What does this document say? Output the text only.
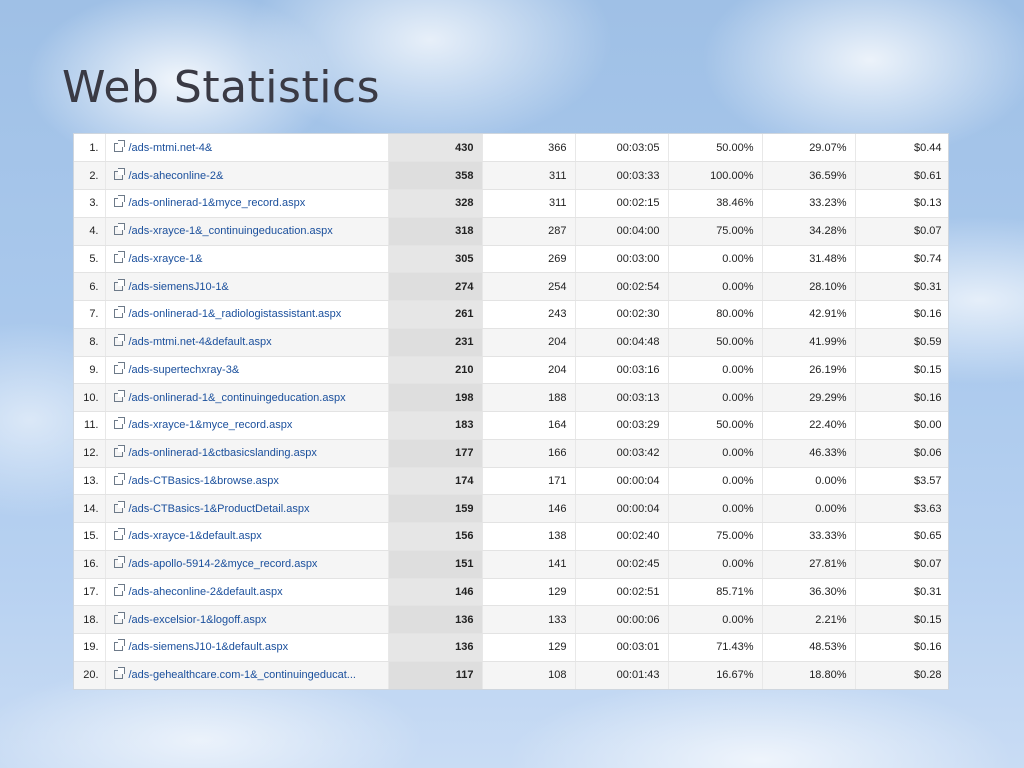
Web Statistics
1.	/ads-mtmi.net-4&	430	366	00:03:05	50.00%	29.07%	$0.44
2.	/ads-aheconline-2&	358	311	00:03:33	100.00%	36.59%	$0.61
3.	/ads-onlinerad-1&myce_record.aspx	328	311	00:02:15	38.46%	33.23%	$0.13
4.	/ads-xrayce-1&_continuingeducation.aspx	318	287	00:04:00	75.00%	34.28%	$0.07
5.	/ads-xrayce-1&	305	269	00:03:00	0.00%	31.48%	$0.74
6.	/ads-siemensJ10-1&	274	254	00:02:54	0.00%	28.10%	$0.31
7.	/ads-onlinerad-1&_radiologistassistant.aspx	261	243	00:02:30	80.00%	42.91%	$0.16
8.	/ads-mtmi.net-4&default.aspx	231	204	00:04:48	50.00%	41.99%	$0.59
9.	/ads-supertechxray-3&	210	204	00:03:16	0.00%	26.19%	$0.15
10.	/ads-onlinerad-1&_continuingeducation.aspx	198	188	00:03:13	0.00%	29.29%	$0.16
11.	/ads-xrayce-1&myce_record.aspx	183	164	00:03:29	50.00%	22.40%	$0.00
12.	/ads-onlinerad-1&ctbasicslanding.aspx	177	166	00:03:42	0.00%	46.33%	$0.06
13.	/ads-CTBasics-1&browse.aspx	174	171	00:00:04	0.00%	0.00%	$3.57
14.	/ads-CTBasics-1&ProductDetail.aspx	159	146	00:00:04	0.00%	0.00%	$3.63
15.	/ads-xrayce-1&default.aspx	156	138	00:02:40	75.00%	33.33%	$0.65
16.	/ads-apollo-5914-2&myce_record.aspx	151	141	00:02:45	0.00%	27.81%	$0.07
17.	/ads-aheconline-2&default.aspx	146	129	00:02:51	85.71%	36.30%	$0.31
18.	/ads-excelsior-1&logoff.aspx	136	133	00:00:06	0.00%	2.21%	$0.15
19.	/ads-siemensJ10-1&default.aspx	136	129	00:03:01	71.43%	48.53%	$0.16
20.	/ads-gehealthcare.com-1&_continuingeducat...	117	108	00:01:43	16.67%	18.80%	$0.28
